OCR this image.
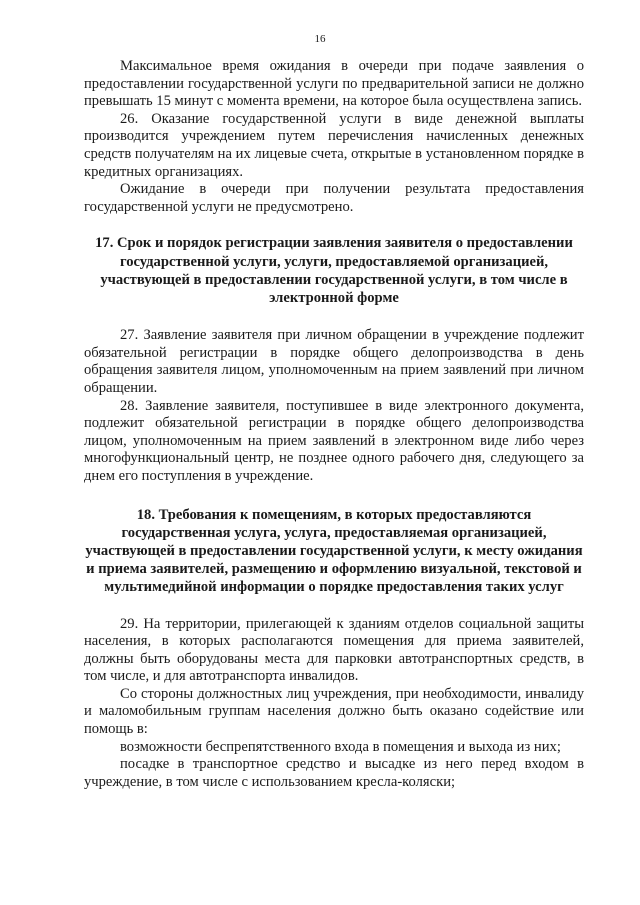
16

Максимальное время ожидания в очереди при подаче заявления о предоставлении государственной услуги по предварительной записи не должно превышать 15 минут с момента времени, на которое была осуществлена запись.

26. Оказание государственной услуги в виде денежной выплаты производится учреждением путем перечисления начисленных денежных средств получателям на их лицевые счета, открытые в установленном порядке в кредитных организациях.

Ожидание в очереди при получении результата предоставления государственной услуги не предусмотрено.

17. Срок и порядок регистрации заявления заявителя о предоставлении государственной услуги, услуги, предоставляемой организацией, участвующей в предоставлении государственной услуги, в том числе в электронной форме

27. Заявление заявителя при личном обращении в учреждение подлежит обязательной регистрации в порядке общего делопроизводства в день обращения заявителя лицом, уполномоченным на прием заявлений при личном обращении.

28. Заявление заявителя, поступившее в виде электронного документа, подлежит обязательной регистрации в порядке общего делопроизводства лицом, уполномоченным на прием заявлений в электронном виде либо через многофункциональный центр, не позднее одного рабочего дня, следующего за днем его поступления в учреждение.

18. Требования к помещениям, в которых предоставляются государственная услуга, услуга, предоставляемая организацией, участвующей в предоставлении государственной услуги, к месту ожидания и приема заявителей, размещению и оформлению визуальной, текстовой и мультимедийной информации о порядке предоставления таких услуг

29. На территории, прилегающей к зданиям отделов социальной защиты населения, в которых располагаются помещения для приема заявителей, должны быть оборудованы места для парковки автотранспортных средств, в том числе, и для автотранспорта инвалидов.

Со стороны должностных лиц учреждения, при необходимости, инвалиду и маломобильным группам населения должно быть оказано содействие или помощь в:

возможности беспрепятственного входа в помещения и выхода из них;

посадке в транспортное средство и высадке из него перед входом в учреждение, в том числе с использованием кресла-коляски;
